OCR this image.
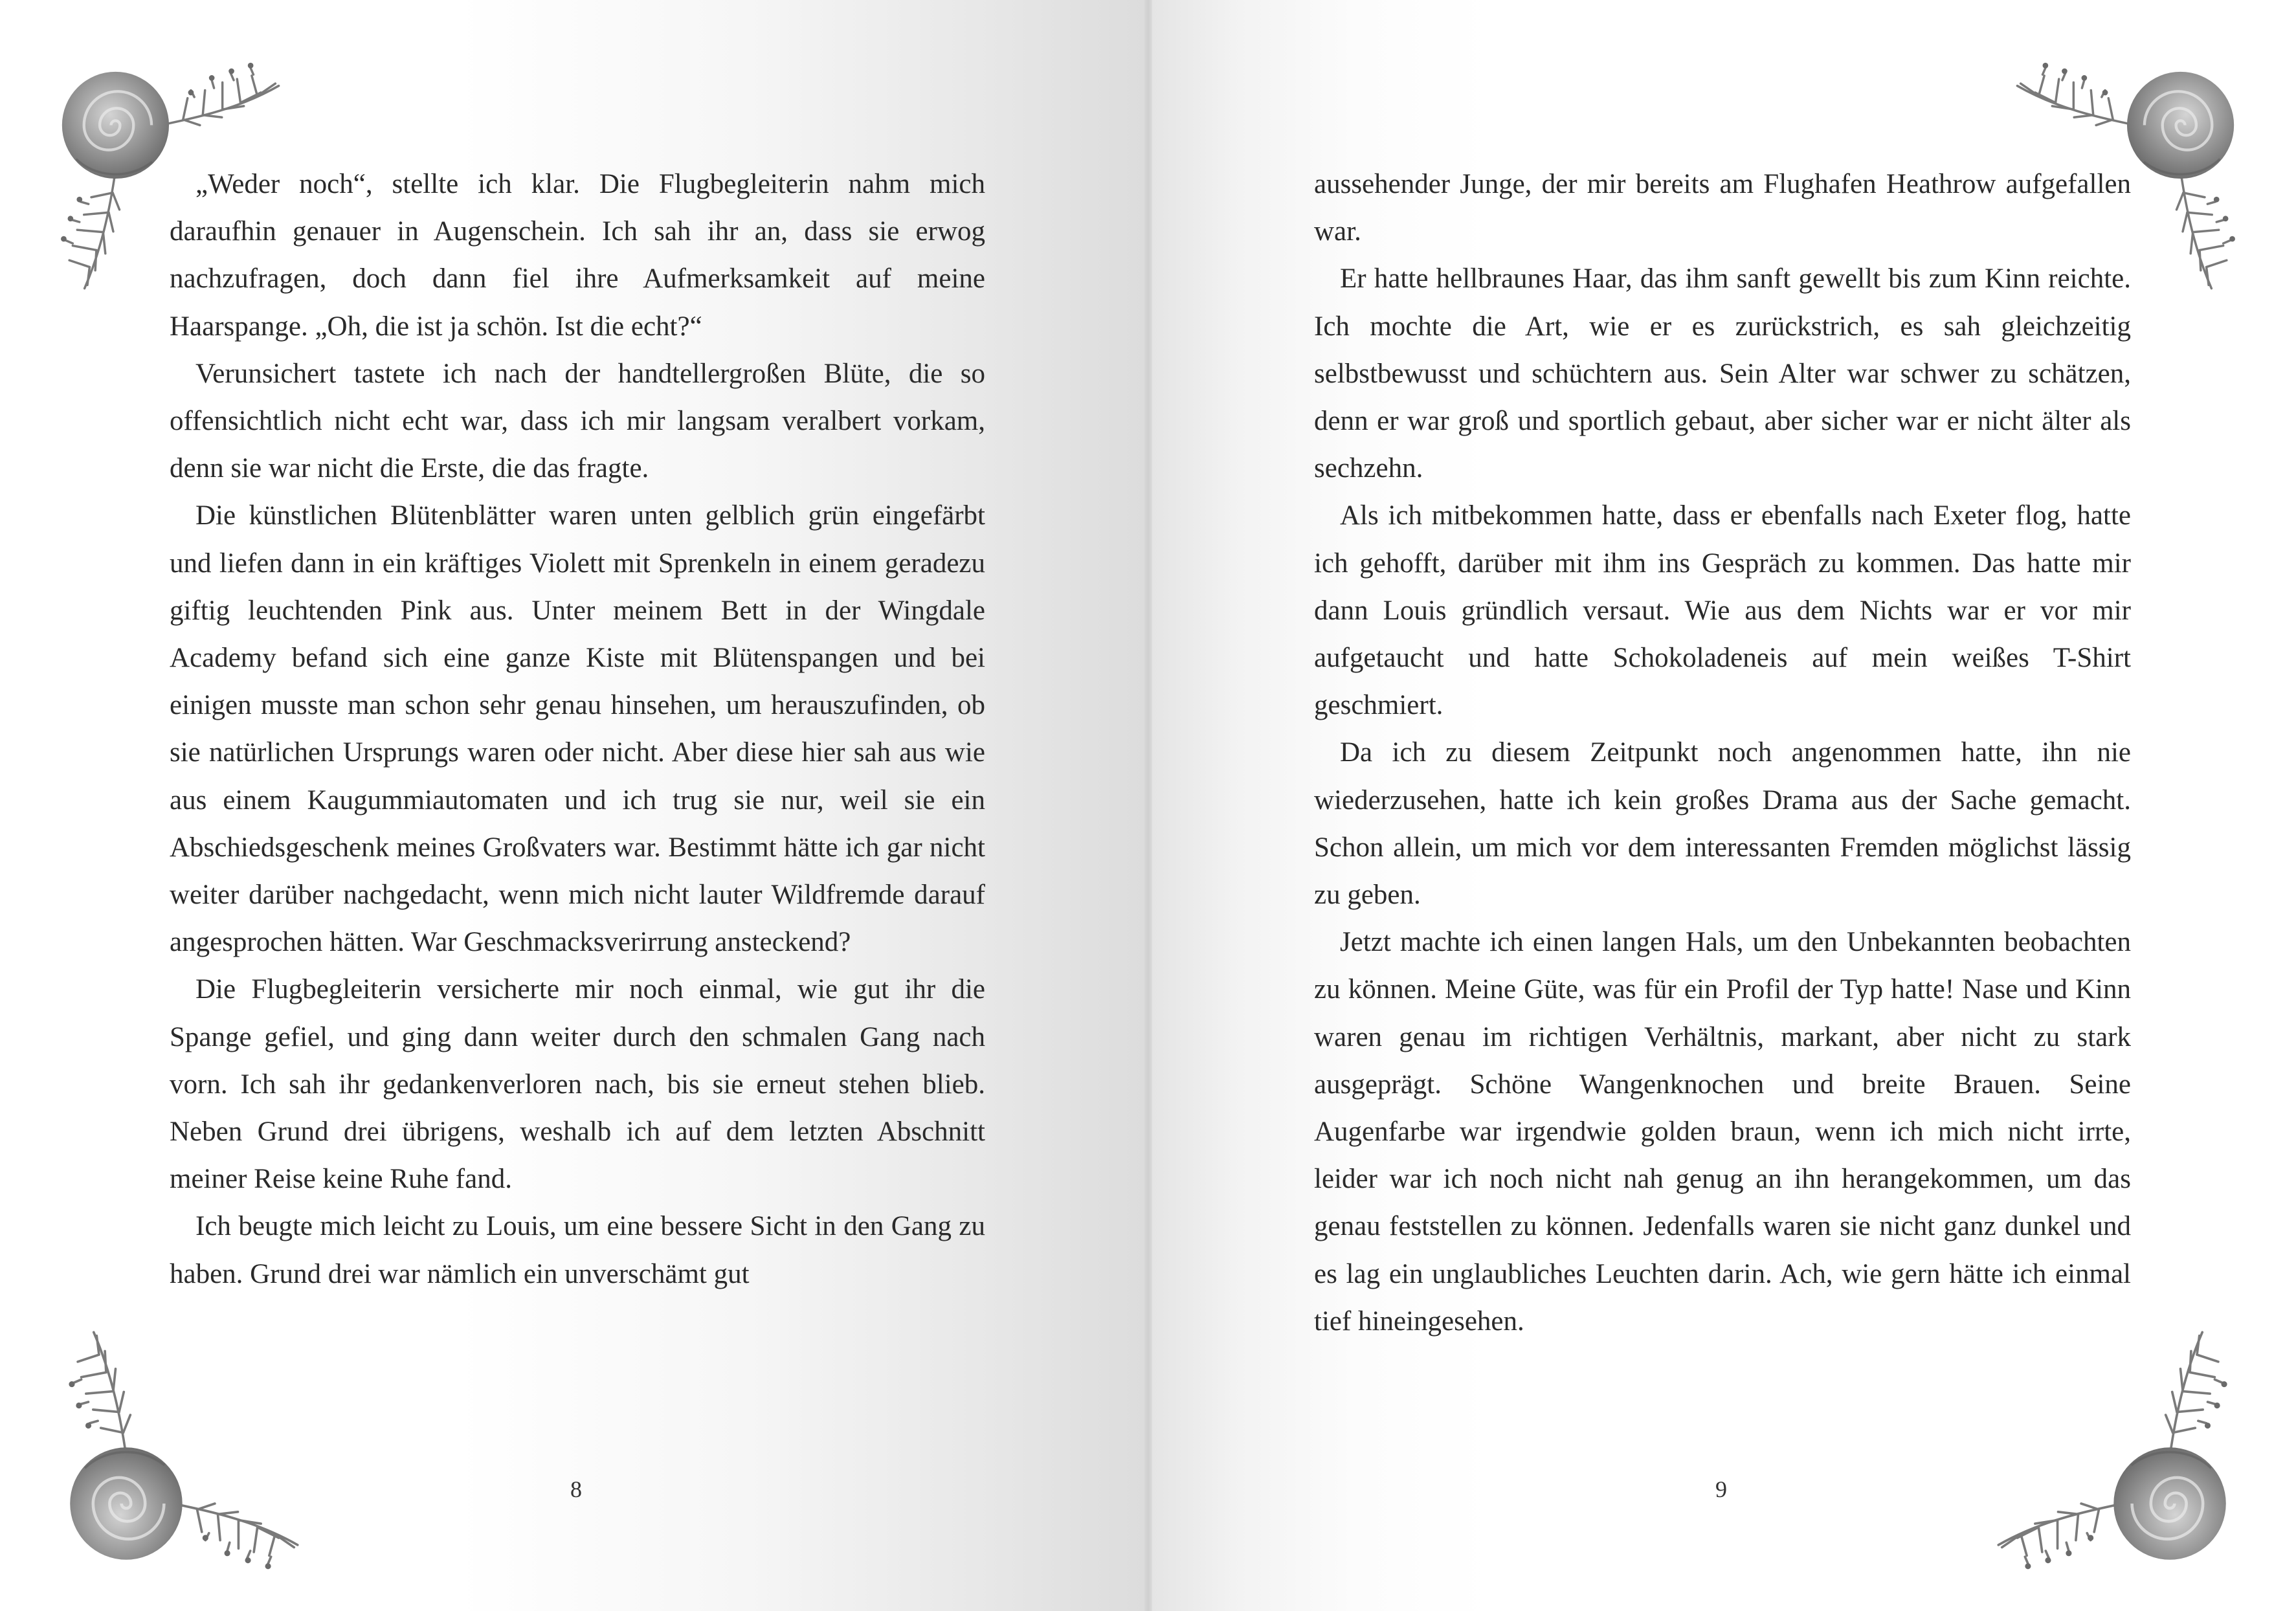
„Weder noch“, stellte ich klar. Die Flugbegleiterin nahm mich daraufhin genauer in Augenschein. Ich sah ihr an, dass sie erwog nachzufragen, doch dann fiel ihre Aufmerksamkeit auf meine Haarspange. „Oh, die ist ja schön. Ist die echt?“

Verunsichert tastete ich nach der handtellergroßen Blüte, die so offensichtlich nicht echt war, dass ich mir langsam veralbert vorkam, denn sie war nicht die Erste, die das fragte.

Die künstlichen Blütenblätter waren unten gelblich grün eingefärbt und liefen dann in ein kräftiges Violett mit Sprenkeln in einem geradezu giftig leuchtenden Pink aus. Unter meinem Bett in der Wingdale Academy befand sich eine ganze Kiste mit Blütenspangen und bei einigen musste man schon sehr genau hinsehen, um herauszufinden, ob sie natürlichen Ursprungs waren oder nicht. Aber diese hier sah aus wie aus einem Kaugummiautomaten und ich trug sie nur, weil sie ein Abschiedsgeschenk meines Großvaters war. Bestimmt hätte ich gar nicht weiter darüber nachgedacht, wenn mich nicht lauter Wildfremde darauf angesprochen hätten. War Geschmacksverirrung ansteckend?

Die Flugbegleiterin versicherte mir noch einmal, wie gut ihr die Spange gefiel, und ging dann weiter durch den schmalen Gang nach vorn. Ich sah ihr gedankenverloren nach, bis sie erneut stehen blieb. Neben Grund drei übrigens, weshalb ich auf dem letzten Abschnitt meiner Reise keine Ruhe fand.

Ich beugte mich leicht zu Louis, um eine bessere Sicht in den Gang zu haben. Grund drei war nämlich ein unverschämt gut

8

aussehender Junge, der mir bereits am Flughafen Heathrow aufgefallen war.

Er hatte hellbraunes Haar, das ihm sanft gewellt bis zum Kinn reichte. Ich mochte die Art, wie er es zurückstrich, es sah gleichzeitig selbstbewusst und schüchtern aus. Sein Alter war schwer zu schätzen, denn er war groß und sportlich gebaut, aber sicher war er nicht älter als sechzehn.

Als ich mitbekommen hatte, dass er ebenfalls nach Exeter flog, hatte ich gehofft, darüber mit ihm ins Gespräch zu kommen. Das hatte mir dann Louis gründlich versaut. Wie aus dem Nichts war er vor mir aufgetaucht und hatte Schokoladeneis auf mein weißes T-Shirt geschmiert.

Da ich zu diesem Zeitpunkt noch angenommen hatte, ihn nie wiederzusehen, hatte ich kein großes Drama aus der Sache gemacht. Schon allein, um mich vor dem interessanten Fremden möglichst lässig zu geben.

Jetzt machte ich einen langen Hals, um den Unbekannten beobachten zu können. Meine Güte, was für ein Profil der Typ hatte! Nase und Kinn waren genau im richtigen Verhältnis, markant, aber nicht zu stark ausgeprägt. Schöne Wangenknochen und breite Brauen. Seine Augenfarbe war irgendwie golden braun, wenn ich mich nicht irrte, leider war ich noch nicht nah genug an ihn herangekommen, um das genau feststellen zu können. Jedenfalls waren sie nicht ganz dunkel und es lag ein unglaubliches Leuchten darin. Ach, wie gern hätte ich einmal tief hineingesehen.

9
